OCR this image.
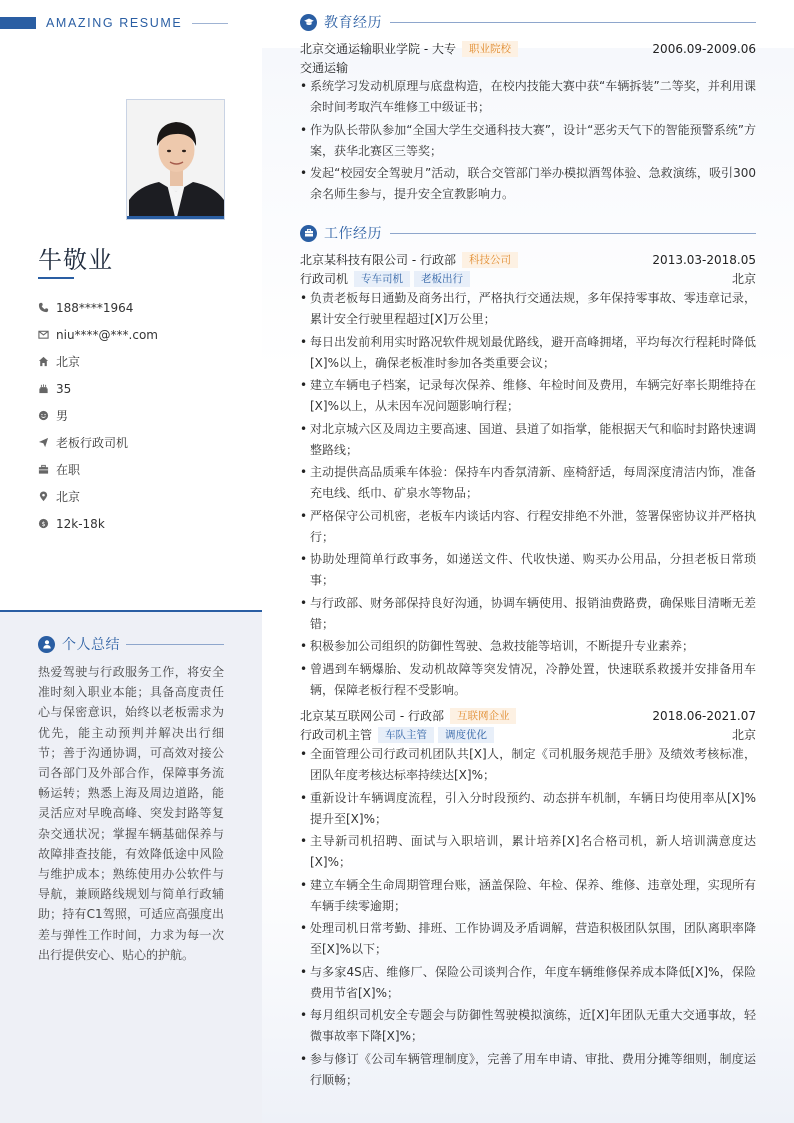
AMAZING RESUME
牛敬业
188****1964
niu****@***.com
北京
35
男
老板行政司机
在职
北京
$ 12k-18k
个人总结
热爱驾驶与行政服务工作，将安全准时刻入职业本能；具备高度责任心与保密意识，始终以老板需求为优先，能主动预判并解决出行细节；善于沟通协调，可高效对接公司各部门及外部合作，保障事务流畅运转；熟悉上海及周边道路，能灵活应对早晚高峰、突发封路等复杂交通状况；掌握车辆基础保养与故障排查技能，有效降低途中风险与维护成本；熟练使用办公软件与导航，兼顾路线规划与简单行政辅助；持有C1驾照，可适应高强度出差与弹性工作时间，力求为每一次出行提供安心、贴心的护航。
教育经历
北京交通运输职业学院 - 大专	职业院校	2006.09-2009.06
交通运输
• 系统学习发动机原理与底盘构造，在校内技能大赛中获“车辆拆装”二等奖，并利用课余时间考取汽车维修工中级证书；
• 作为队长带队参加“全国大学生交通科技大赛”，设计“恶劣天气下的智能预警系统”方案，获华北赛区三等奖；
• 发起“校园安全驾驶月”活动，联合交管部门举办模拟酒驾体验、急救演练，吸引300余名师生参与，提升安全宣教影响力。
工作经历
北京某科技有限公司 - 行政部	科技公司	2013.03-2018.05
行政司机	专车司机	老板出行	北京
• 负责老板每日通勤及商务出行，严格执行交通法规，多年保持零事故、零违章记录，累计安全行驶里程超过[X]万公里；
• 每日出发前利用实时路况软件规划最优路线，避开高峰拥堵，平均每次行程耗时降低[X]%以上，确保老板准时参加各类重要会议；
• 建立车辆电子档案，记录每次保养、维修、年检时间及费用，车辆完好率长期维持在[X]%以上，从未因车况问题影响行程；
• 对北京城六区及周边主要高速、国道、县道了如指掌，能根据天气和临时封路快速调整路线；
• 主动提供高品质乘车体验：保持车内香氛清新、座椅舒适，每周深度清洁内饰，准备充电线、纸巾、矿泉水等物品；
• 严格保守公司机密，老板车内谈话内容、行程安排绝不外泄，签署保密协议并严格执行；
• 协助处理简单行政事务，如递送文件、代收快递、购买办公用品，分担老板日常琐事；
• 与行政部、财务部保持良好沟通，协调车辆使用、报销油费路费，确保账目清晰无差错；
• 积极参加公司组织的防御性驾驶、急救技能等培训，不断提升专业素养；
• 曾遇到车辆爆胎、发动机故障等突发情况，冷静处置，快速联系救援并安排备用车辆，保障老板行程不受影响。
北京某互联网公司 - 行政部	互联网企业	2018.06-2021.07
行政司机主管	车队主管	调度优化	北京
• 全面管理公司行政司机团队共[X]人，制定《司机服务规范手册》及绩效考核标准，团队年度考核达标率持续达[X]%；
• 重新设计车辆调度流程，引入分时段预约、动态拼车机制，车辆日均使用率从[X]%提升至[X]%；
• 主导新司机招聘、面试与入职培训，累计培养[X]名合格司机，新人培训满意度达[X]%；
• 建立车辆全生命周期管理台账，涵盖保险、年检、保养、维修、违章处理，实现所有车辆手续零逾期；
• 处理司机日常考勤、排班、工作协调及矛盾调解，营造积极团队氛围，团队离职率降至[X]%以下；
• 与多家4S店、维修厂、保险公司谈判合作，年度车辆维修保养成本降低[X]%，保险费用节省[X]%；
• 每月组织司机安全专题会与防御性驾驶模拟演练，近[X]年团队无重大交通事故，轻微事故率下降[X]%；
• 参与修订《公司车辆管理制度》，完善了用车申请、审批、费用分摊等细则，制度运行顺畅；
